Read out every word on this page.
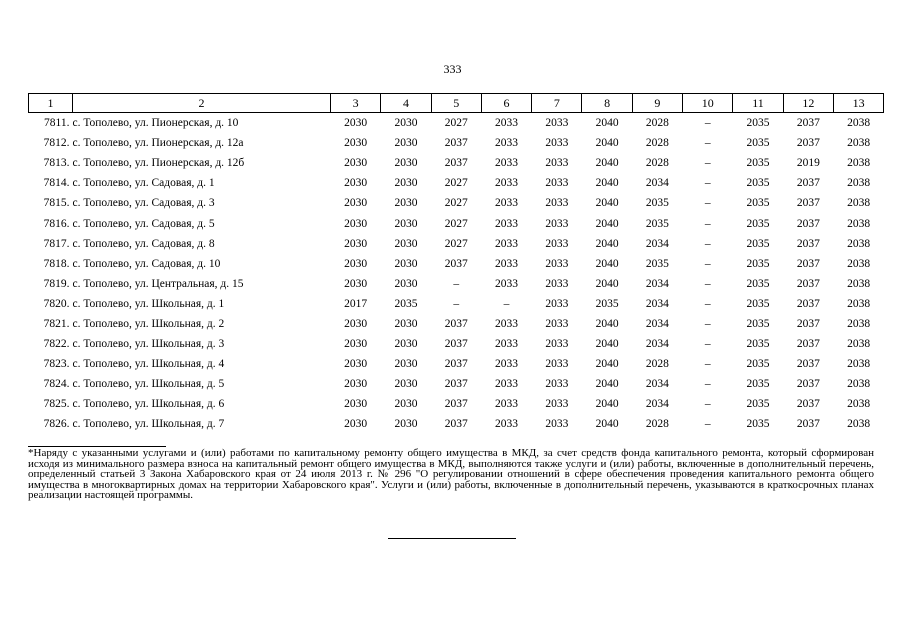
333
1	2	3	4	5	6	7	8	9	10	11	12	13
7811.	с. Тополево, ул. Пионерская, д. 10	2030	2030	2027	2033	2033	2040	2028	–	2035	2037	2038
7812.	с. Тополево, ул. Пионерская, д. 12а	2030	2030	2037	2033	2033	2040	2028	–	2035	2037	2038
7813.	с. Тополево, ул. Пионерская, д. 12б	2030	2030	2037	2033	2033	2040	2028	–	2035	2019	2038
7814.	с. Тополево, ул. Садовая, д. 1	2030	2030	2027	2033	2033	2040	2034	–	2035	2037	2038
7815.	с. Тополево, ул. Садовая, д. 3	2030	2030	2027	2033	2033	2040	2035	–	2035	2037	2038
7816.	с. Тополево, ул. Садовая, д. 5	2030	2030	2027	2033	2033	2040	2035	–	2035	2037	2038
7817.	с. Тополево, ул. Садовая, д. 8	2030	2030	2027	2033	2033	2040	2034	–	2035	2037	2038
7818.	с. Тополево, ул. Садовая, д. 10	2030	2030	2037	2033	2033	2040	2035	–	2035	2037	2038
7819.	с. Тополево, ул. Центральная, д. 15	2030	2030	–	2033	2033	2040	2034	–	2035	2037	2038
7820.	с. Тополево, ул. Школьная, д. 1	2017	2035	–	–	2033	2035	2034	–	2035	2037	2038
7821.	с. Тополево, ул. Школьная, д. 2	2030	2030	2037	2033	2033	2040	2034	–	2035	2037	2038
7822.	с. Тополево, ул. Школьная, д. 3	2030	2030	2037	2033	2033	2040	2034	–	2035	2037	2038
7823.	с. Тополево, ул. Школьная, д. 4	2030	2030	2037	2033	2033	2040	2028	–	2035	2037	2038
7824.	с. Тополево, ул. Школьная, д. 5	2030	2030	2037	2033	2033	2040	2034	–	2035	2037	2038
7825.	с. Тополево, ул. Школьная, д. 6	2030	2030	2037	2033	2033	2040	2034	–	2035	2037	2038
7826.	с. Тополево, ул. Школьная, д. 7	2030	2030	2037	2033	2033	2040	2028	–	2035	2037	2038
*Наряду с указанными услугами и (или) работами по капитальному ремонту общего имущества в МКД, за счет средств фонда капитального ремонта, который сформирован исходя из минимального размера взноса на капитальный ремонт общего имущества в МКД, выполняются также услуги и (или) работы, включенные в дополнительный перечень, определенный статьей 3 Закона Хабаровского края от 24 июля 2013 г. № 296 "О регулировании отношений в сфере обеспечения проведения капитального ремонта общего имущества в многоквартирных домах на территории Хабаровского края". Услуги и (или) работы, включенные в дополнительный перечень, указываются в краткосрочных планах реализации настоящей программы.
